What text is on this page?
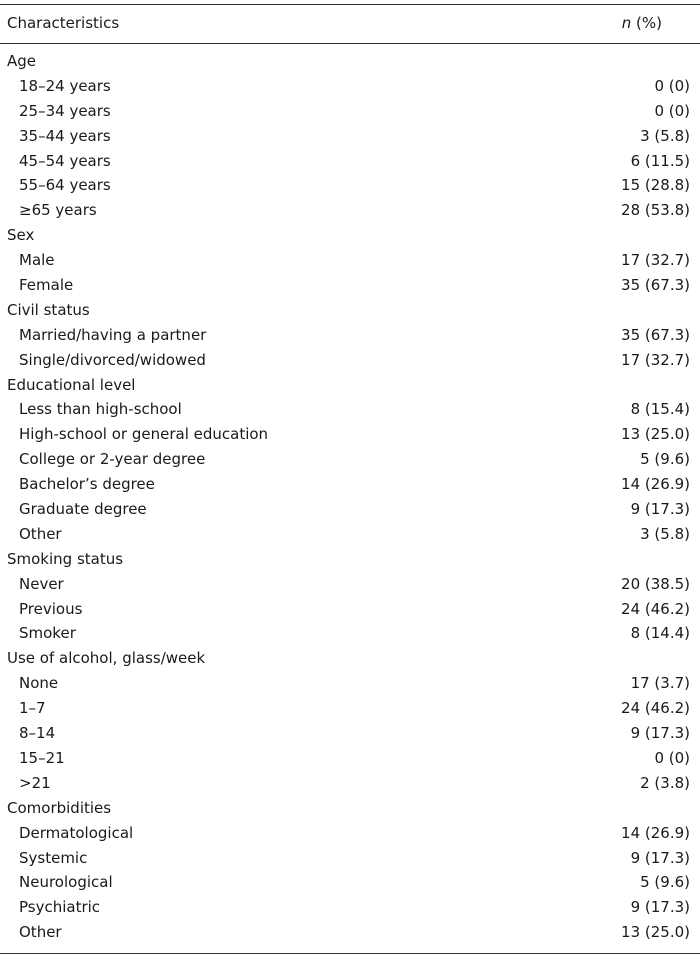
Characteristics	n (%)
Age
18–24 years	0 (0)
25–34 years	0 (0)
35–44 years	3 (5.8)
45–54 years	6 (11.5)
55–64 years	15 (28.8)
≥65 years	28 (53.8)
Sex
Male	17 (32.7)
Female	35 (67.3)
Civil status
Married/having a partner	35 (67.3)
Single/divorced/widowed	17 (32.7)
Educational level
Less than high-school	8 (15.4)
High-school or general education	13 (25.0)
College or 2-year degree	5 (9.6)
Bachelor’s degree	14 (26.9)
Graduate degree	9 (17.3)
Other	3 (5.8)
Smoking status
Never	20 (38.5)
Previous	24 (46.2)
Smoker	8 (14.4)
Use of alcohol, glass/week
None	17 (3.7)
1–7	24 (46.2)
8–14	9 (17.3)
15–21	0 (0)
>21	2 (3.8)
Comorbidities
Dermatological	14 (26.9)
Systemic	9 (17.3)
Neurological	5 (9.6)
Psychiatric	9 (17.3)
Other	13 (25.0)
